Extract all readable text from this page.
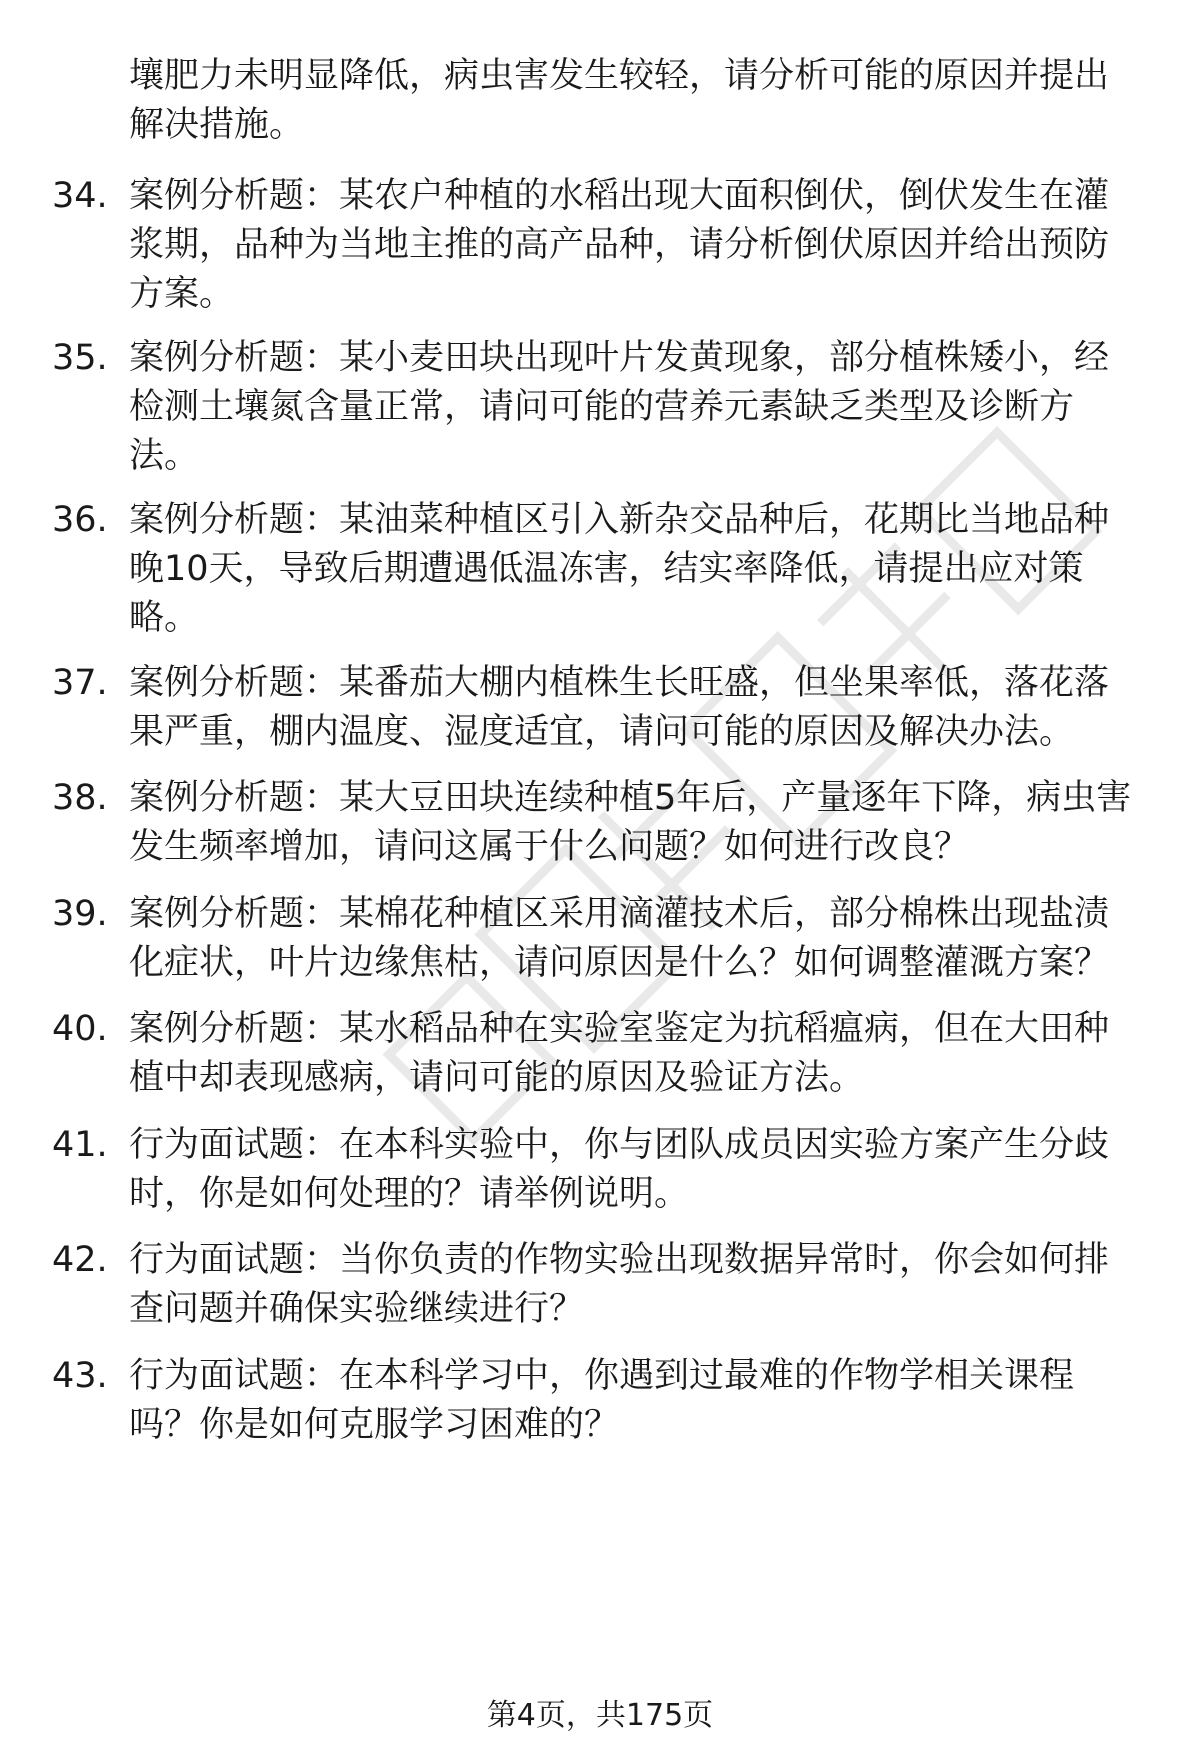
壤肥力未明显降低，病虫害发生较轻，请分析可能的原因并提出
解决措施。
34. 案例分析题：某农户种植的水稻出现大面积倒伏，倒伏发生在灌
浆期，品种为当地主推的高产品种，请分析倒伏原因并给出预防
方案。
35. 案例分析题：某小麦田块出现叶片发黄现象，部分植株矮小，经
检测土壤氮含量正常，请问可能的营养元素缺乏类型及诊断方
法。
36. 案例分析题：某油菜种植区引入新杂交品种后，花期比当地品种
晚10天，导致后期遭遇低温冻害，结实率降低，请提出应对策
略。
37. 案例分析题：某番茄大棚内植株生长旺盛，但坐果率低，落花落
果严重，棚内温度、湿度适宜，请问可能的原因及解决办法。
38. 案例分析题：某大豆田块连续种植5年后，产量逐年下降，病虫害
发生频率增加，请问这属于什么问题？如何进行改良？
39. 案例分析题：某棉花种植区采用滴灌技术后，部分棉株出现盐渍
化症状，叶片边缘焦枯，请问原因是什么？如何调整灌溉方案？
40. 案例分析题：某水稻品种在实验室鉴定为抗稻瘟病，但在大田种
植中却表现感病，请问可能的原因及验证方法。
41. 行为面试题：在本科实验中，你与团队成员因实验方案产生分歧
时，你是如何处理的？请举例说明。
42. 行为面试题：当你负责的作物实验出现数据异常时，你会如何排
查问题并确保实验继续进行？
43. 行为面试题：在本科学习中，你遇到过最难的作物学相关课程
吗？你是如何克服学习困难的？
第4页，共175页
